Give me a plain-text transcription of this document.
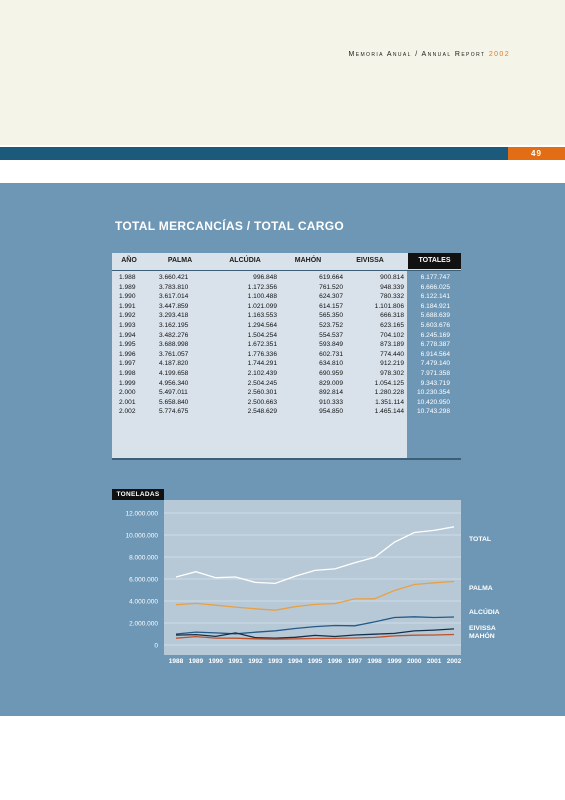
Memoria Anual / Annual Report 2002
49
TOTAL MERCANCÍAS / TOTAL CARGO
AÑO	PALMA	ALCÚDIA	MAHÓN	EIVISSA	TOTALES
1.988	3.660.421	996.848	619.664	900.814	6.177.747
1.989	3.783.810	1.172.356	761.520	948.339	6.666.025
1.990	3.617.014	1.100.488	624.307	780.332	6.122.141
1.991	3.447.859	1.021.099	614.157	1.101.806	6.184.921
1.992	3.293.418	1.163.553	565.350	666.318	5.688.639
1.993	3.162.195	1.294.564	523.752	623.165	5.603.676
1.994	3.482.276	1.504.254	554.537	704.102	6.245.169
1.995	3.688.998	1.672.351	593.849	873.189	6.778.387
1.996	3.761.057	1.776.336	602.731	774.440	6.914.564
1.997	4.187.820	1.744.291	634.810	912.219	7.479.140
1.998	4.199.658	2.102.439	690.959	978.302	7.971.358
1.999	4.956.340	2.504.245	829.009	1.054.125	9.343.719
2.000	5.497.011	2.560.301	892.814	1.280.228 10.230.354
2.001	5.658.840	2.500.663	910.333	1.351.114 10.420.950
2.002	5.774.675	2.548.629	954.850	1.465.144 10.743.298
TONELADAS
12.000.000
10.000.000
8.000.000
6.000.000
4.000.000
2.000.000
0
1988 1989 1990 1991 1992 1993 1994 1995 1996 1997 1998 1999 2000 2001 2002
TOTAL
PALMA
ALCÚDIA
EIVISSA
MAHÓN
